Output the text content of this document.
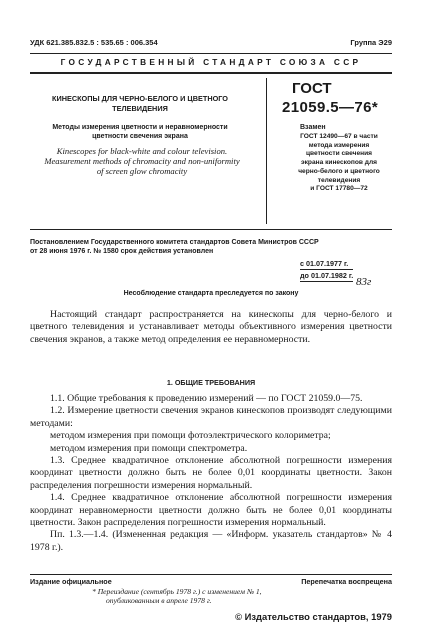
УДК 621.385.832.5 : 535.65 : 006.354	Группа Э29
ГОСУДАРСТВЕННЫЙ СТАНДАРТ СОЮЗА ССР
КИНЕСКОПЫ ДЛЯ ЧЕРНО-БЕЛОГО И ЦВЕТНОГО
ТЕЛЕВИДЕНИЯ
Методы измерения цветности и неравномерности
цветности свечения экрана
Kinescopes for black-white and colour television.
Measurement methods of chromacity and non-uniformity
of screen glow chromacity
ГОСТ
21059.5—76*
Взамен
ГОСТ 12490—67 в части
метода измерения
цветности свечения
экрана кинескопов для
черно-белого и цветного
телевидения
и ГОСТ 17780—72
Постановлением Государственного комитета стандартов Совета Министров СССР
от 28 июня 1976 г. № 1580 срок действия установлен
с 01.07.1977 г.
до 01.07.1982 г.
83г
Несоблюдение стандарта преследуется по закону
Настоящий стандарт распространяется на кинескопы для черно-белого и цветного телевидения и устанавливает методы объективного измерения цветности свечения экранов, а также метод определения ее неравномерности.
1. ОБЩИЕ ТРЕБОВАНИЯ

1.1. Общие требования к проведению измерений — по ГОСТ 21059.0—75.

1.2. Измерение цветности свечения экранов кинескопов производят следующими методами:

методом измерения при помощи фотоэлектрического колориметра;

методом измерения при помощи спектрометра.

1.3. Среднее квадратичное отклонение абсолютной погрешности измерения координат цветности должно быть не более 0,01 координаты цветности. Закон распределения погрешности измерения нормальный.

1.4. Среднее квадратичное отклонение абсолютной погрешности измерения координат неравномерности цветности должно быть не более 0,01 координаты цветности. Закон распределения погрешности измерения нормальный.

Пп. 1.3.—1.4. (Измененная редакция — «Информ. указатель стандартов» № 4 1978 г.).

Издание официальное	Перепечатка воспрещена
* Переиздание (сентябрь 1978 г.) с изменением № 1,
опубликованным в апреле 1978 г.
© Издательство стандартов, 1979
